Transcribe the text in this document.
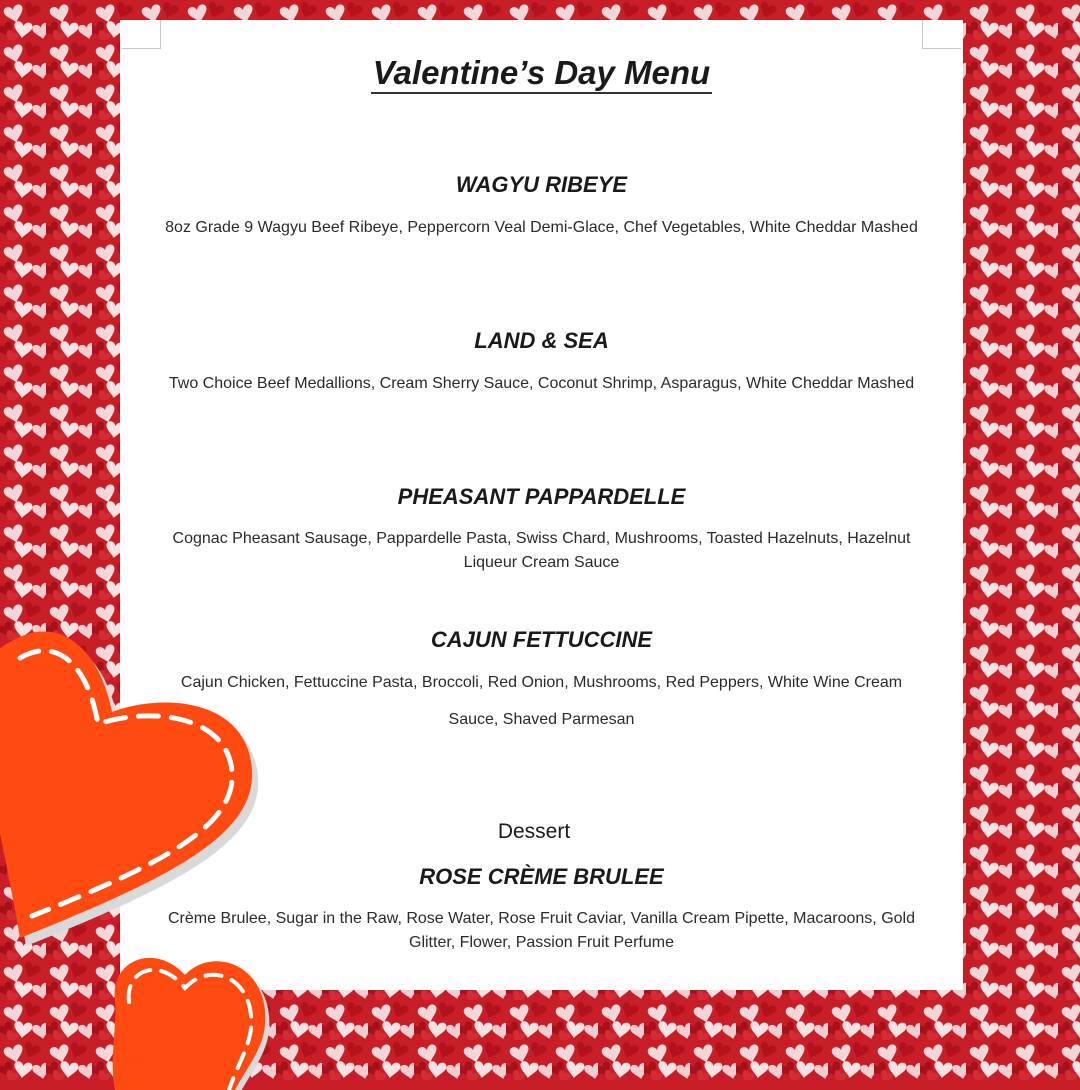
Valentine’s Day Menu
WAGYU RIBEYE

8oz Grade 9 Wagyu Beef Ribeye, Peppercorn Veal Demi-Glace, Chef Vegetables, White Cheddar Mashed

LAND & SEA

Two Choice Beef Medallions, Cream Sherry Sauce, Coconut Shrimp, Asparagus, White Cheddar Mashed

PHEASANT PAPPARDELLE

Cognac Pheasant Sausage, Pappardelle Pasta, Swiss Chard, Mushrooms, Toasted Hazelnuts, Hazelnut Liqueur Cream Sauce

CAJUN FETTUCCINE

Cajun Chicken, Fettuccine Pasta, Broccoli, Red Onion, Mushrooms, Red Peppers, White Wine Cream Sauce, Shaved Parmesan

Dessert

ROSE CRÈME BRULEE

Crème Brulee, Sugar in the Raw, Rose Water, Rose Fruit Caviar, Vanilla Cream Pipette, Macaroons, Gold Glitter, Flower, Passion Fruit Perfume
